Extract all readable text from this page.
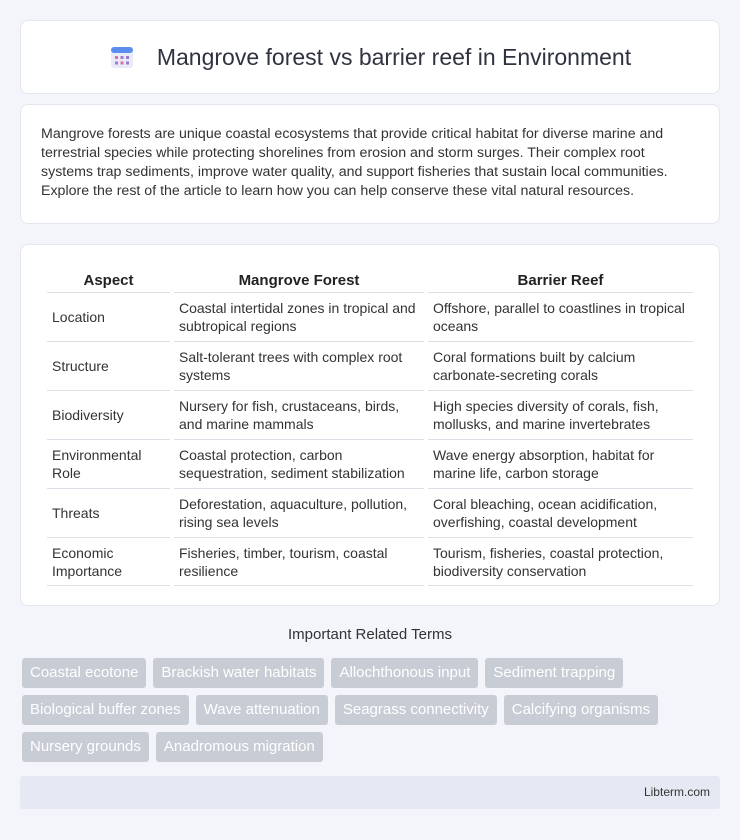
Mangrove forest vs barrier reef in Environment

Mangrove forests are unique coastal ecosystems that provide critical habitat for diverse marine and terrestrial species while protecting shorelines from erosion and storm surges. Their complex root systems trap sediments, improve water quality, and support fisheries that sustain local communities. Explore the rest of the article to learn how you can help conserve these vital natural resources.

Aspect	Mangrove Forest	Barrier Reef
Location	Coastal intertidal zones in tropical and subtropical regions	Offshore, parallel to coastlines in tropical oceans
Structure	Salt-tolerant trees with complex root systems	Coral formations built by calcium carbonate-secreting corals
Biodiversity	Nursery for fish, crustaceans, birds, and marine mammals	High species diversity of corals, fish, mollusks, and marine invertebrates
Environmental Role	Coastal protection, carbon sequestration, sediment stabilization	Wave energy absorption, habitat for marine life, carbon storage
Threats	Deforestation, aquaculture, pollution, rising sea levels	Coral bleaching, ocean acidification, overfishing, coastal development
Economic Importance	Fisheries, timber, tourism, coastal resilience	Tourism, fisheries, coastal protection, biodiversity conservation
Important Related Terms
Coastal ecotone	Brackish water habitats	Allochthonous input	Sediment trapping
Biological buffer zones	Wave attenuation	Seagrass connectivity	Calcifying organisms
Nursery grounds	Anadromous migration
Libterm.com
